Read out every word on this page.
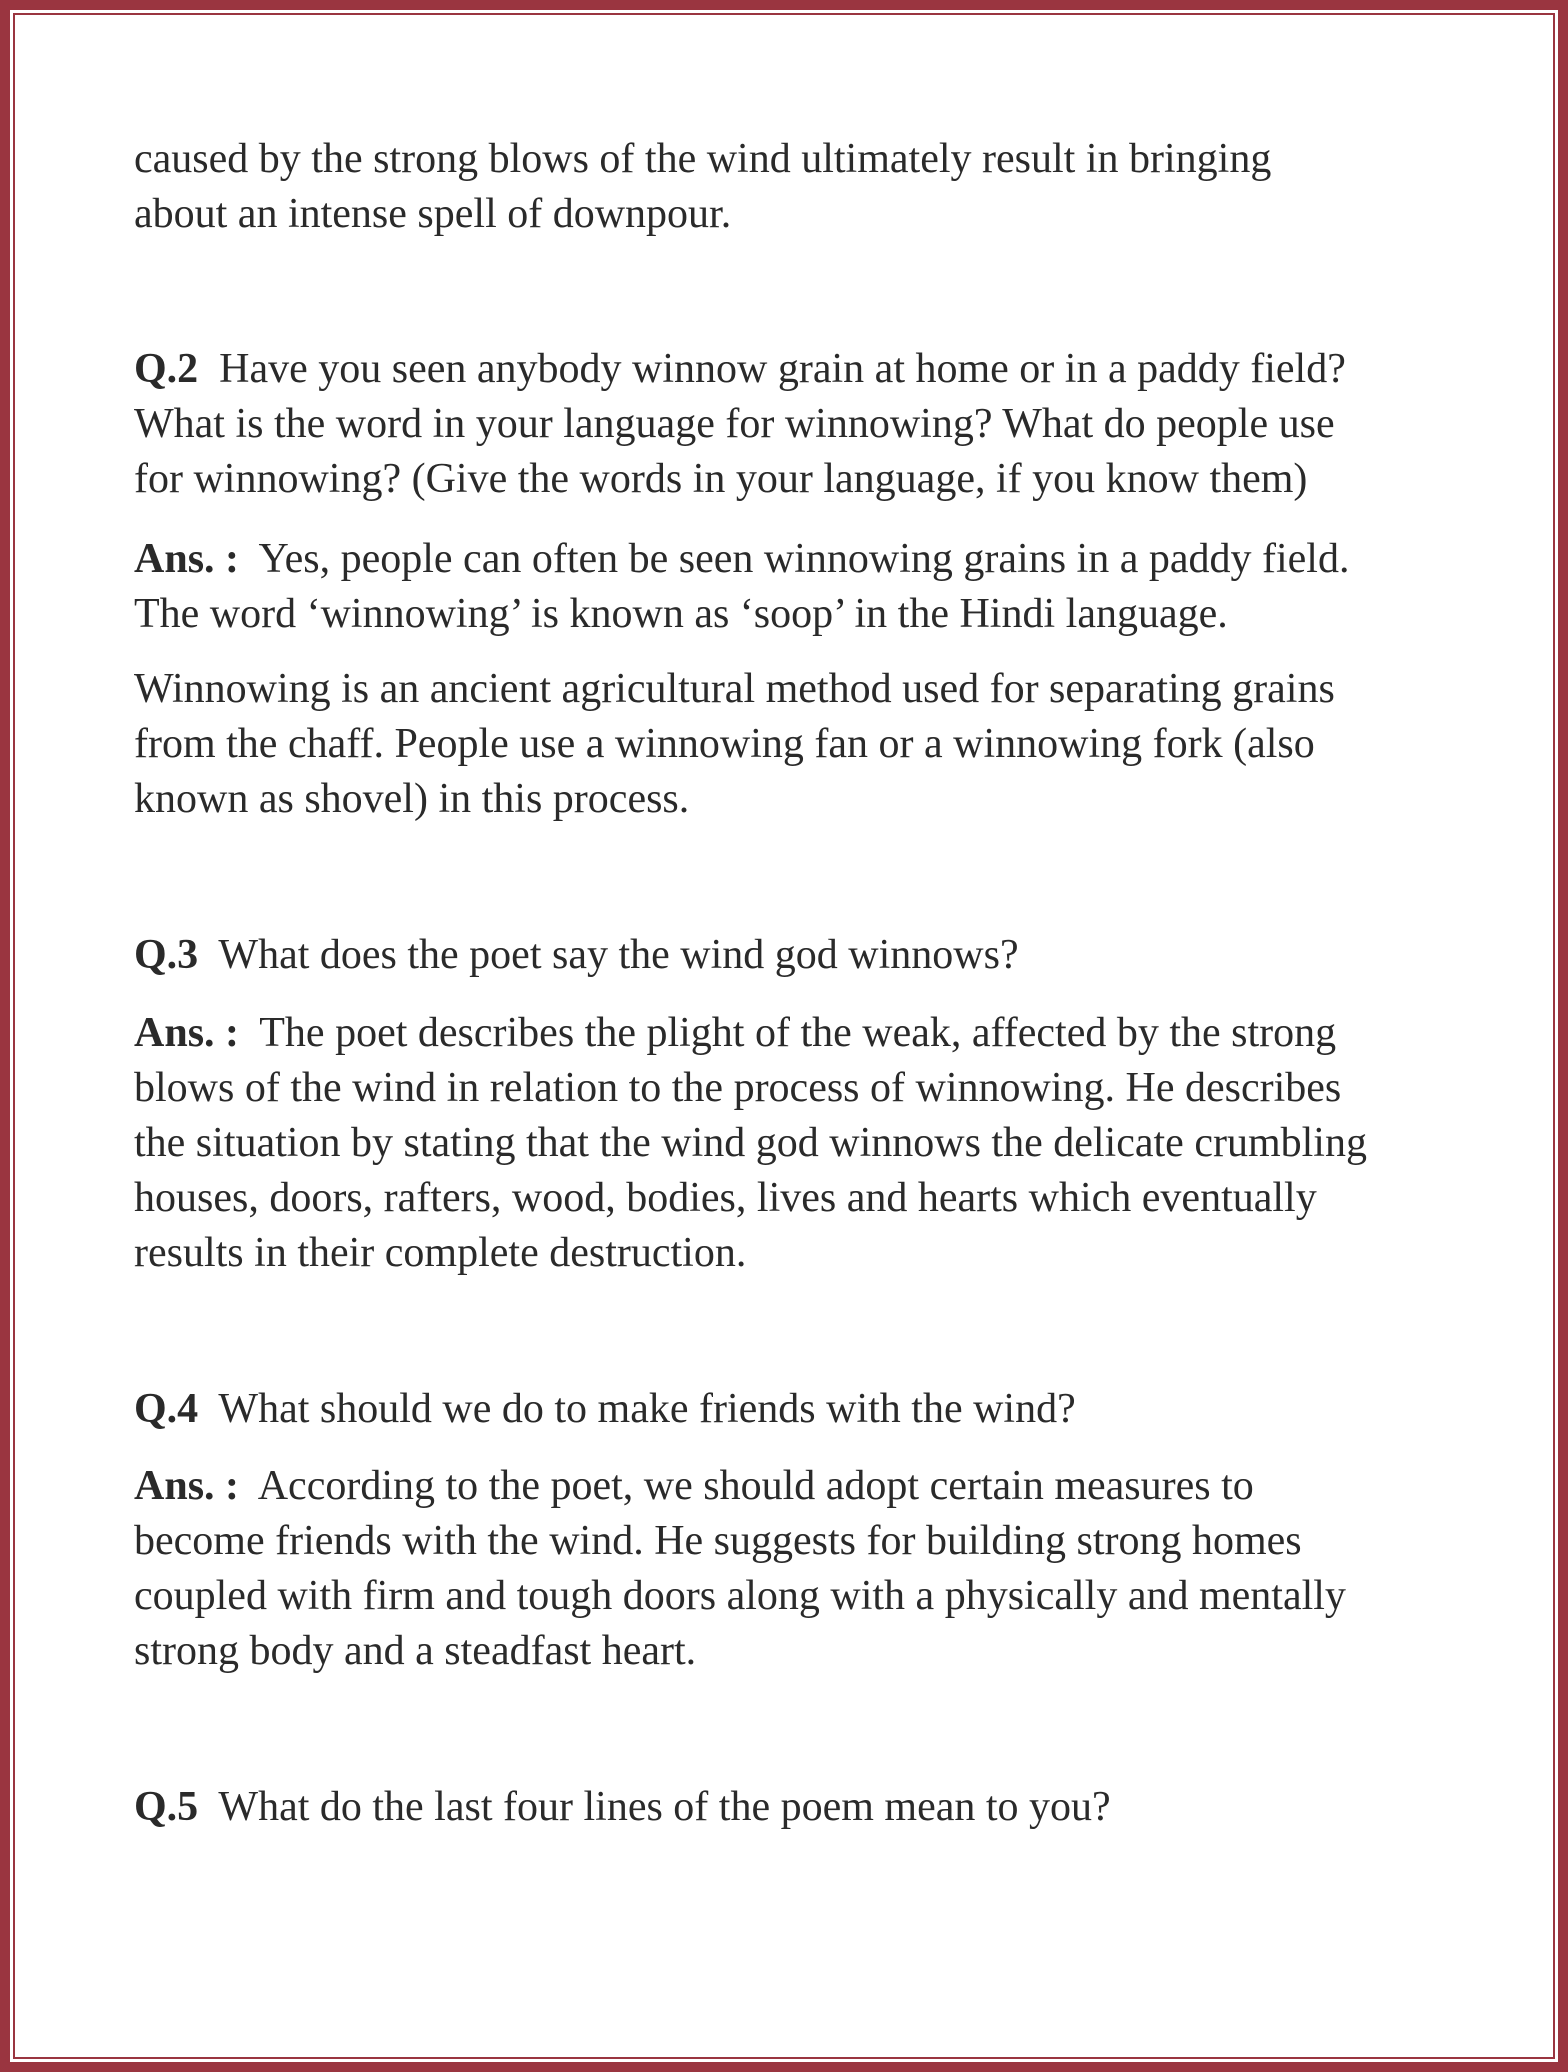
caused by the strong blows of the wind ultimately result in bringing
about an intense spell of downpour.
Q.2 Have you seen anybody winnow grain at home or in a paddy field?
What is the word in your language for winnowing? What do people use
for winnowing? (Give the words in your language, if you know them)
Ans. : Yes, people can often be seen winnowing grains in a paddy field.
The word ‘winnowing’ is known as ‘soop’ in the Hindi language.
Winnowing is an ancient agricultural method used for separating grains
from the chaff. People use a winnowing fan or a winnowing fork (also
known as shovel) in this process.
Q.3 What does the poet say the wind god winnows?
Ans. : The poet describes the plight of the weak, affected by the strong
blows of the wind in relation to the process of winnowing. He describes
the situation by stating that the wind god winnows the delicate crumbling
houses, doors, rafters, wood, bodies, lives and hearts which eventually
results in their complete destruction.
Q.4 What should we do to make friends with the wind?
Ans. : According to the poet, we should adopt certain measures to
become friends with the wind. He suggests for building strong homes
coupled with firm and tough doors along with a physically and mentally
strong body and a steadfast heart.
Q.5 What do the last four lines of the poem mean to you?
